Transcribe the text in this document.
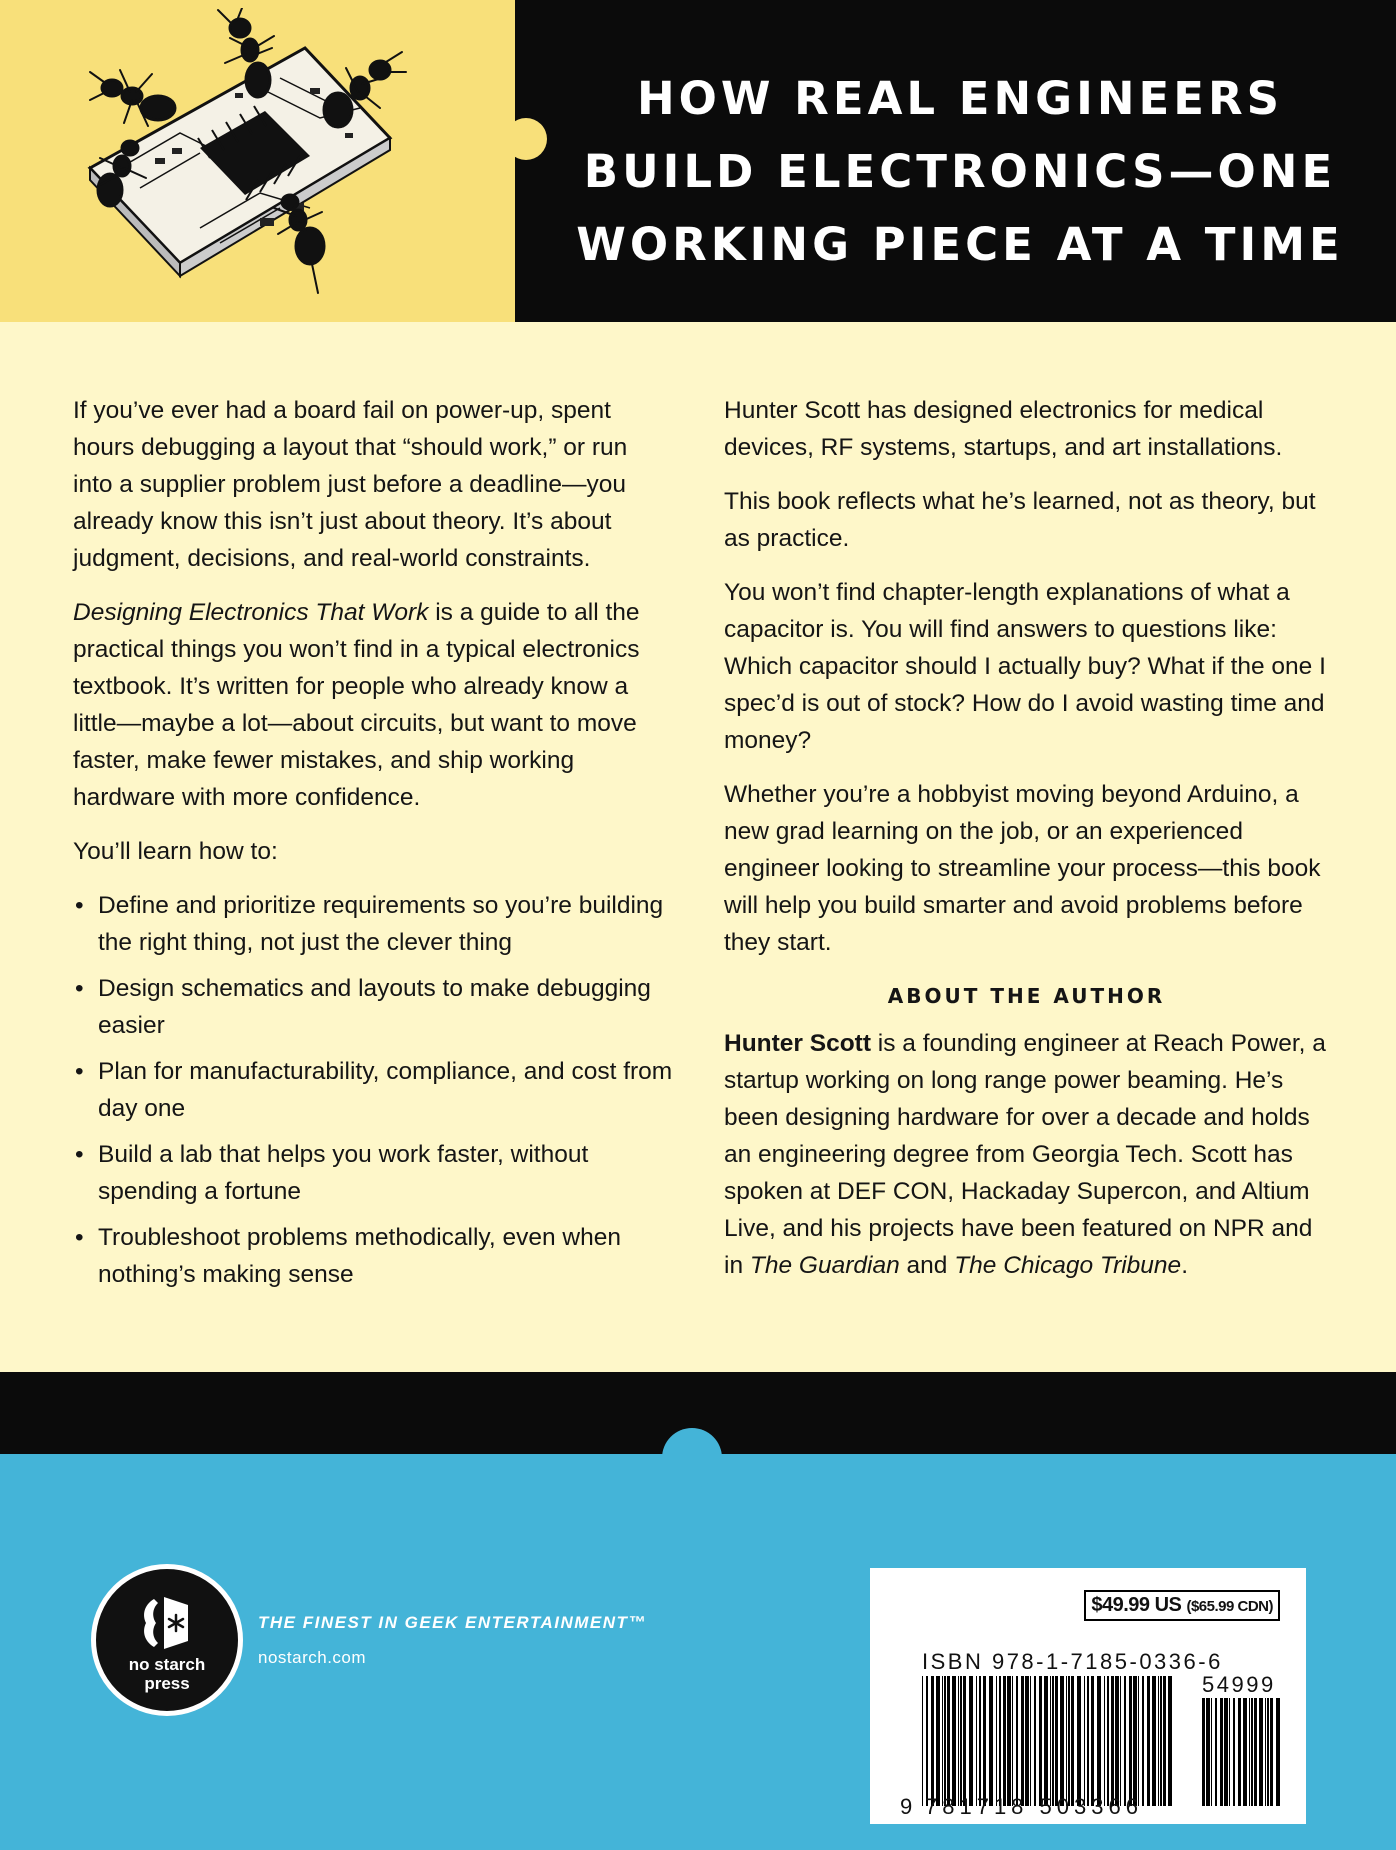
HOW REAL ENGINEERS
BUILD ELECTRONICS—ONE
WORKING PIECE AT A TIME

If you’ve ever had a board fail on power-up, spent hours debugging a layout that “should work,” or run into a supplier problem just before a deadline—you already know this isn’t just about theory. It’s about judgment, decisions, and real-world constraints.

Designing Electronics That Work is a guide to all the practical things you won’t find in a typical electronics textbook. It’s written for people who already know a little—maybe a lot—about circuits, but want to move faster, make fewer mistakes, and ship working hardware with more confidence.

You’ll learn how to:

• Define and prioritize requirements so you’re building the right thing, not just the clever thing
• Design schematics and layouts to make debugging easier
• Plan for manufacturability, compliance, and cost from day one
• Build a lab that helps you work faster, without spending a fortune
• Troubleshoot problems methodically, even when nothing’s making sense

Hunter Scott has designed electronics for medical devices, RF systems, startups, and art installations.

This book reflects what he’s learned, not as theory, but as practice.

You won’t find chapter-length explanations of what a capacitor is. You will find answers to questions like: Which capacitor should I actually buy? What if the one I spec’d is out of stock? How do I avoid wasting time and money?

Whether you’re a hobbyist moving beyond Arduino, a new grad learning on the job, or an experienced engineer looking to streamline your process—this book will help you build smarter and avoid problems before they start.

ABOUT THE AUTHOR

Hunter Scott is a founding engineer at Reach Power, a startup working on long range power beaming. He’s been designing hardware for over a decade and holds an engineering degree from Georgia Tech. Scott has spoken at DEF CON, Hackaday Supercon, and Altium Live, and his projects have been featured on NPR and in The Guardian and The Chicago Tribune.

no starch
press
THE FINEST IN GEEK ENTERTAINMENT™
nostarch.com
$49.99 US ($65.99 CDN)
ISBN 978-1-7185-0336-6
54999
9 781718 503366
